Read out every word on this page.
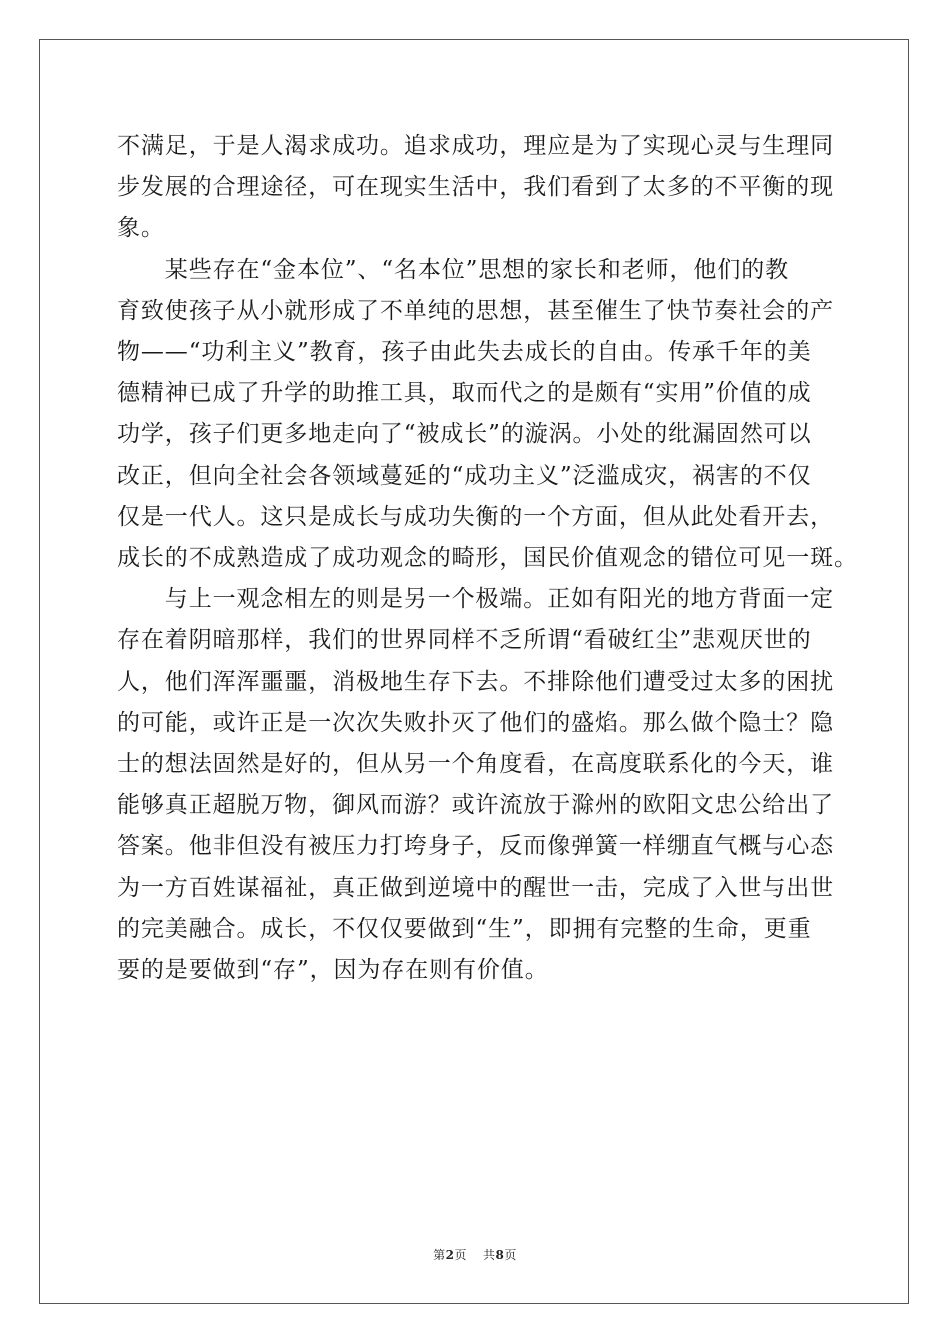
不满足，于是人渴求成功。追求成功，理应是为了实现心灵与生理同
步发展的合理途径，可在现实生活中，我们看到了太多的不平衡的现
象。

　　某些存在“金本位”、“名本位”思想的家长和老师，他们的教
育致使孩子从小就形成了不单纯的思想，甚至催生了快节奏社会的产
物——“功利主义”教育，孩子由此失去成长的自由。传承千年的美
德精神已成了升学的助推工具，取而代之的是颇有“实用”价值的成
功学，孩子们更多地走向了“被成长”的漩涡。小处的纰漏固然可以
改正，但向全社会各领域蔓延的“成功主义”泛滥成灾，祸害的不仅
仅是一代人。这只是成长与成功失衡的一个方面，但从此处看开去，
成长的不成熟造成了成功观念的畸形，国民价值观念的错位可见一斑。

　　与上一观念相左的则是另一个极端。正如有阳光的地方背面一定
存在着阴暗那样，我们的世界同样不乏所谓“看破红尘”悲观厌世的
人，他们浑浑噩噩，消极地生存下去。不排除他们遭受过太多的困扰
的可能，或许正是一次次失败扑灭了他们的盛焰。那么做个隐士？隐
士的想法固然是好的，但从另一个角度看，在高度联系化的今天，谁
能够真正超脱万物，御风而游？或许流放于滁州的欧阳文忠公给出了
答案。他非但没有被压力打垮身子，反而像弹簧一样绷直气概与心态
为一方百姓谋福祉，真正做到逆境中的醒世一击，完成了入世与出世
的完美融合。成长，不仅仅要做到“生”，即拥有完整的生命，更重
要的是要做到“存”，因为存在则有价值。

第2页 共8页
